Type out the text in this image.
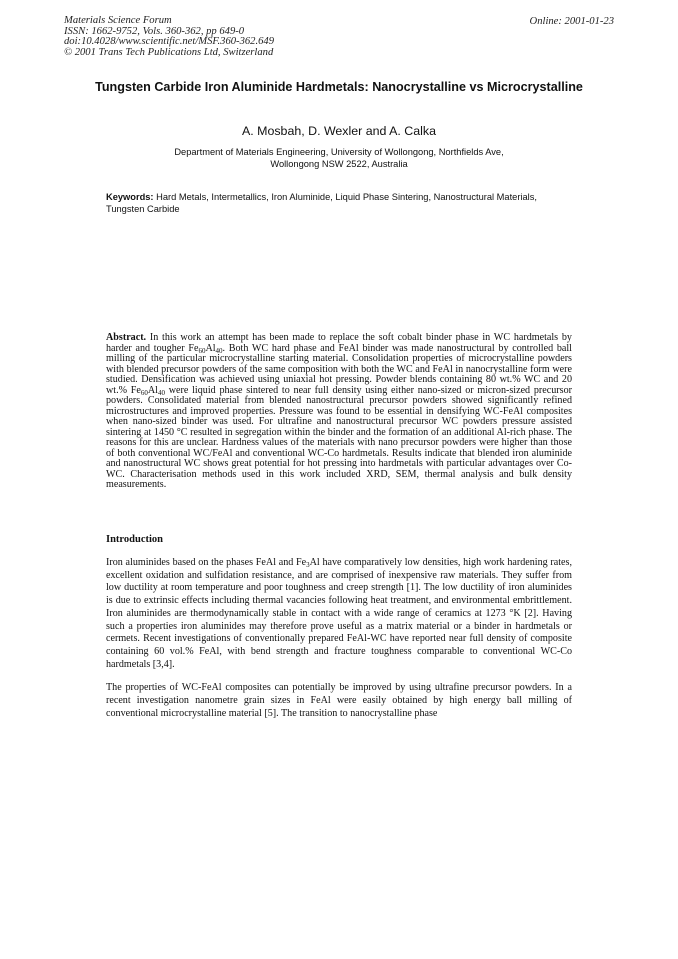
Materials Science Forum
ISSN: 1662-9752, Vols. 360-362, pp 649-0
doi:10.4028/www.scientific.net/MSF.360-362.649
© 2001 Trans Tech Publications Ltd, Switzerland
Online: 2001-01-23
Tungsten Carbide Iron Aluminide Hardmetals: Nanocrystalline vs Microcrystalline
A. Mosbah, D. Wexler and A. Calka
Department of Materials Engineering, University of Wollongong, Northfields Ave,
Wollongong NSW 2522, Australia
Keywords: Hard Metals, Intermetallics, Iron Aluminide, Liquid Phase Sintering, Nanostructural Materials, Tungsten Carbide
Abstract. In this work an attempt has been made to replace the soft cobalt binder phase in WC hardmetals by harder and tougher $Fe_{60}Al_{40}$. Both WC hard phase and FeAl binder was made nanostructural by controlled ball milling of the particular microcrystalline starting material. Consolidation properties of microcrystalline powders with blended precursor powders of the same composition with both the WC and FeAl in nanocrystalline form were studied. Densification was achieved using uniaxial hot pressing. Powder blends containing 80 wt.% WC and 20 wt.% $Fe_{60}Al_{40}$ were liquid phase sintered to near full density using either nano-sized or micron-sized precursor powders. Consolidated material from blended nanostructural precursor powders showed significantly refined microstructures and improved properties. Pressure was found to be essential in densifying WC-FeAl composites when nano-sized binder was used. For ultrafine and nanostructural precursor WC powders pressure assisted sintering at 1450 °C resulted in segregation within the binder and the formation of an additional Al-rich phase. The reasons for this are unclear. Hardness values of the materials with nano precursor powders were higher than those of both conventional WC/FeAl and conventional WC-Co hardmetals. Results indicate that blended iron aluminide and nanostructural WC shows great potential for hot pressing into hardmetals with particular advantages over Co-WC. Characterisation methods used in this work included XRD, SEM, thermal analysis and bulk density measurements.
Introduction

Iron aluminides based on the phases FeAl and $Fe_3Al$ have comparatively low densities, high work hardening rates, excellent oxidation and sulfidation resistance, and are comprised of inexpensive raw materials. They suffer from low ductility at room temperature and poor toughness and creep strength [1]. The low ductility of iron aluminides is due to extrinsic effects including thermal vacancies following heat treatment, and environmental embrittlement. Iron aluminides are thermodynamically stable in contact with a wide range of ceramics at 1273 °K [2]. Having such a properties iron aluminides may therefore prove useful as a matrix material or a binder in hardmetals or cermets. Recent investigations of conventionally prepared FeAl-WC have reported near full density of composite containing 60 vol.% FeAl, with bend strength and fracture toughness comparable to conventional WC-Co hardmetals [3,4].

The properties of WC-FeAl composites can potentially be improved by using ultrafine precursor powders. In a recent investigation nanometre grain sizes in FeAl were easily obtained by high energy ball milling of conventional microcrystalline material [5]. The transition to nanocrystalline phase
